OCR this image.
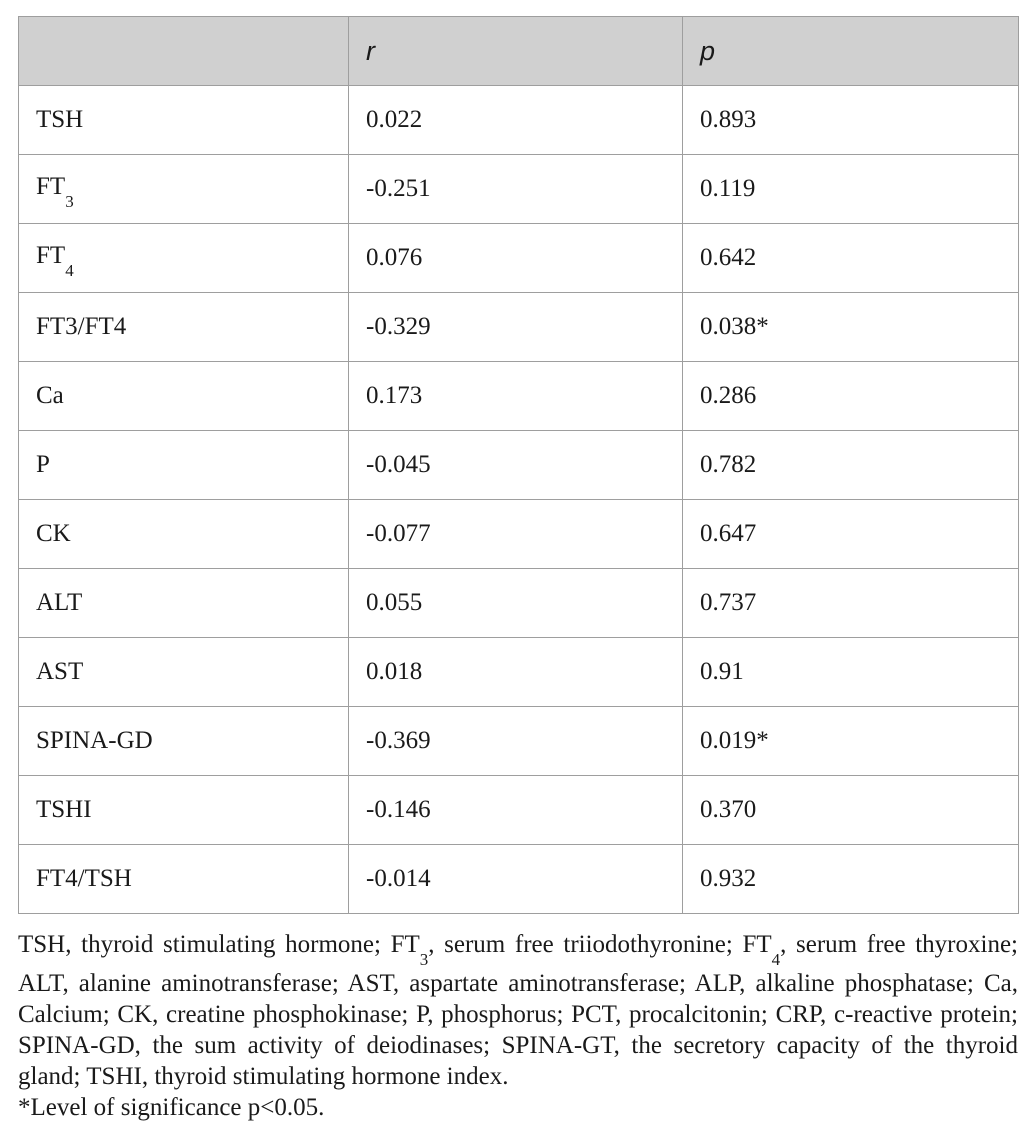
	r	p
TSH	0.022	0.893
$FT_3$	-0.251	0.119
$FT_4$	0.076	0.642
FT3/FT4	-0.329	0.038*
Ca	0.173	0.286
P	-0.045	0.782
CK	-0.077	0.647
ALT	0.055	0.737
AST	0.018	0.91
SPINA-GD	-0.369	0.019*
TSHI	-0.146	0.370
FT4/TSH	-0.014	0.932

TSH, thyroid stimulating hormone; $FT_3$, serum free triiodothyronine; $FT_4$, serum free thyroxine; ALT, alanine aminotransferase; AST, aspartate aminotransferase; ALP, alkaline phosphatase; Ca, Calcium; CK, creatine phosphokinase; P, phosphorus; PCT, procalcitonin; CRP, c-reactive protein; SPINA-GD, the sum activity of deiodinases; SPINA-GT, the secretory capacity of the thyroid gland; TSHI, thyroid stimulating hormone index.

*Level of significance p<0.05.
